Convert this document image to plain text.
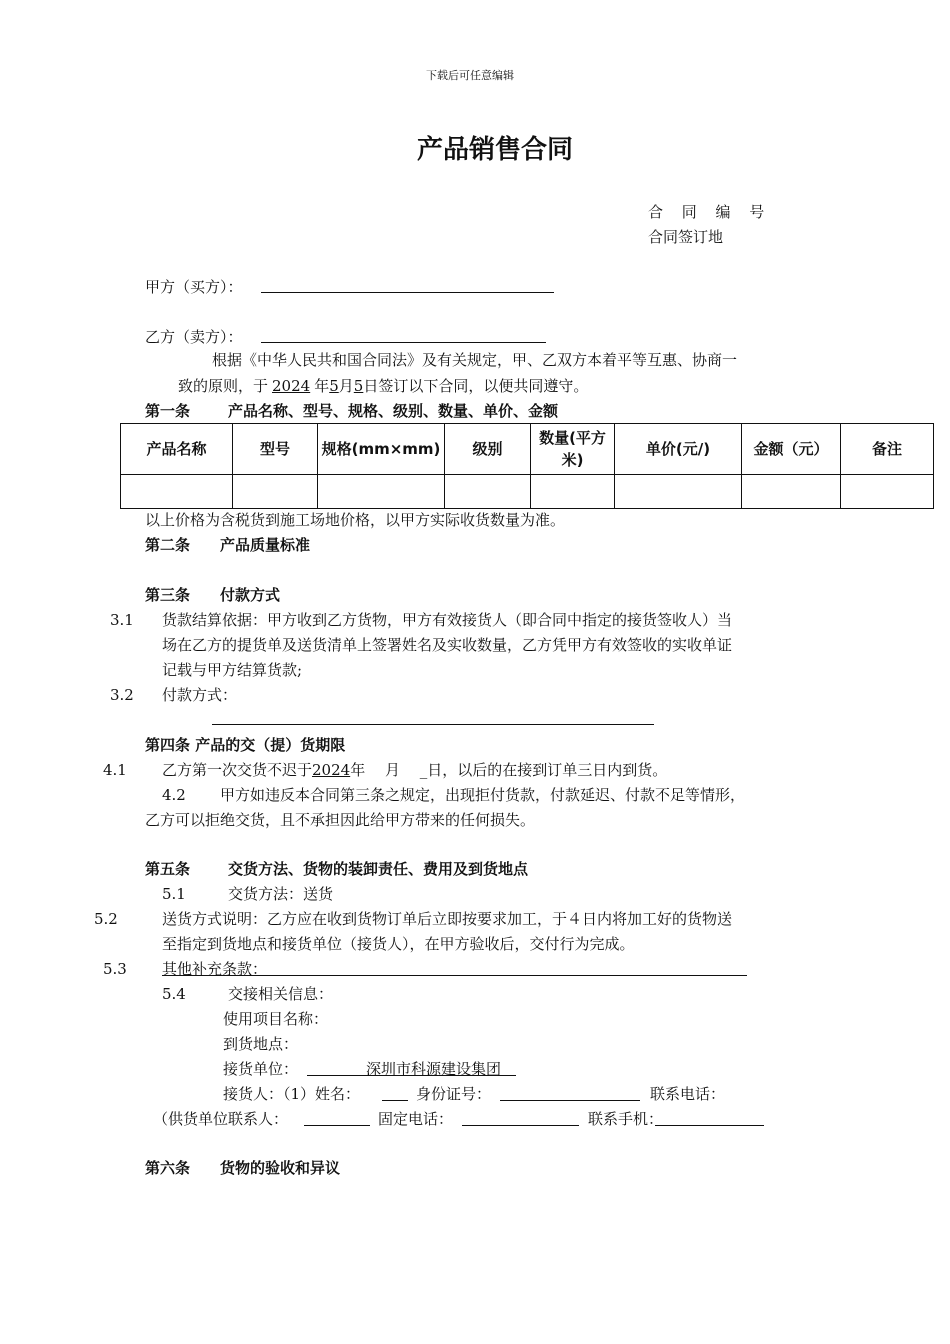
下载后可任意编辑
产品销售合同
合 同 编 号
合同签订地
甲方（买方）：
乙方（卖方）：
根据《中华人民共和国合同法》及有关规定，甲、乙双方本着平等互惠、协商一
致的原则，于 2024 年5月5日签订以下合同，以便共同遵守。
第一条	产品名称、型号、规格、级别、数量、单价、金额
产品名称	型号	规格(mm×mm)	级别	数量(平方米)	单价(元/)	金额（元）	备注

以上价格为含税货到施工场地价格，以甲方实际收货数量为准。
第二条 产品质量标准
第三条 付款方式
3.1 货款结算依据：甲方收到乙方货物，甲方有效接货人（即合同中指定的接货签收人）当
场在乙方的提货单及送货清单上签署姓名及实收数量，乙方凭甲方有效签收的实收单证
记载与甲方结算货款;
3.2 付款方式：
第四条 产品的交（提）货期限
4.1 乙方第一次交货不迟于2024年　 月　 _日，以后的在接到订单三日内到货。
4.2 甲方如违反本合同第三条之规定，出现拒付货款，付款延迟、付款不足等情形，
乙方可以拒绝交货，且不承担因此给甲方带来的任何损失。
第五条	交货方法、货物的装卸责任、费用及到货地点
5.1	交货方法：送货
5.2	送货方式说明：乙方应在收到货物订单后立即按要求加工，于４日内将加工好的货物送
至指定到货地点和接货单位（接货人），在甲方验收后，交付行为完成。
5.3 其他补充条款：
5.4	交接相关信息：
使用项目名称：
到货地点：
接货单位：	深圳市科源建设集团
接货人：（1）姓名：	身份证号：	联系电话：
（供货单位联系人：	固定电话：	联系手机：
第六条 货物的验收和异议
